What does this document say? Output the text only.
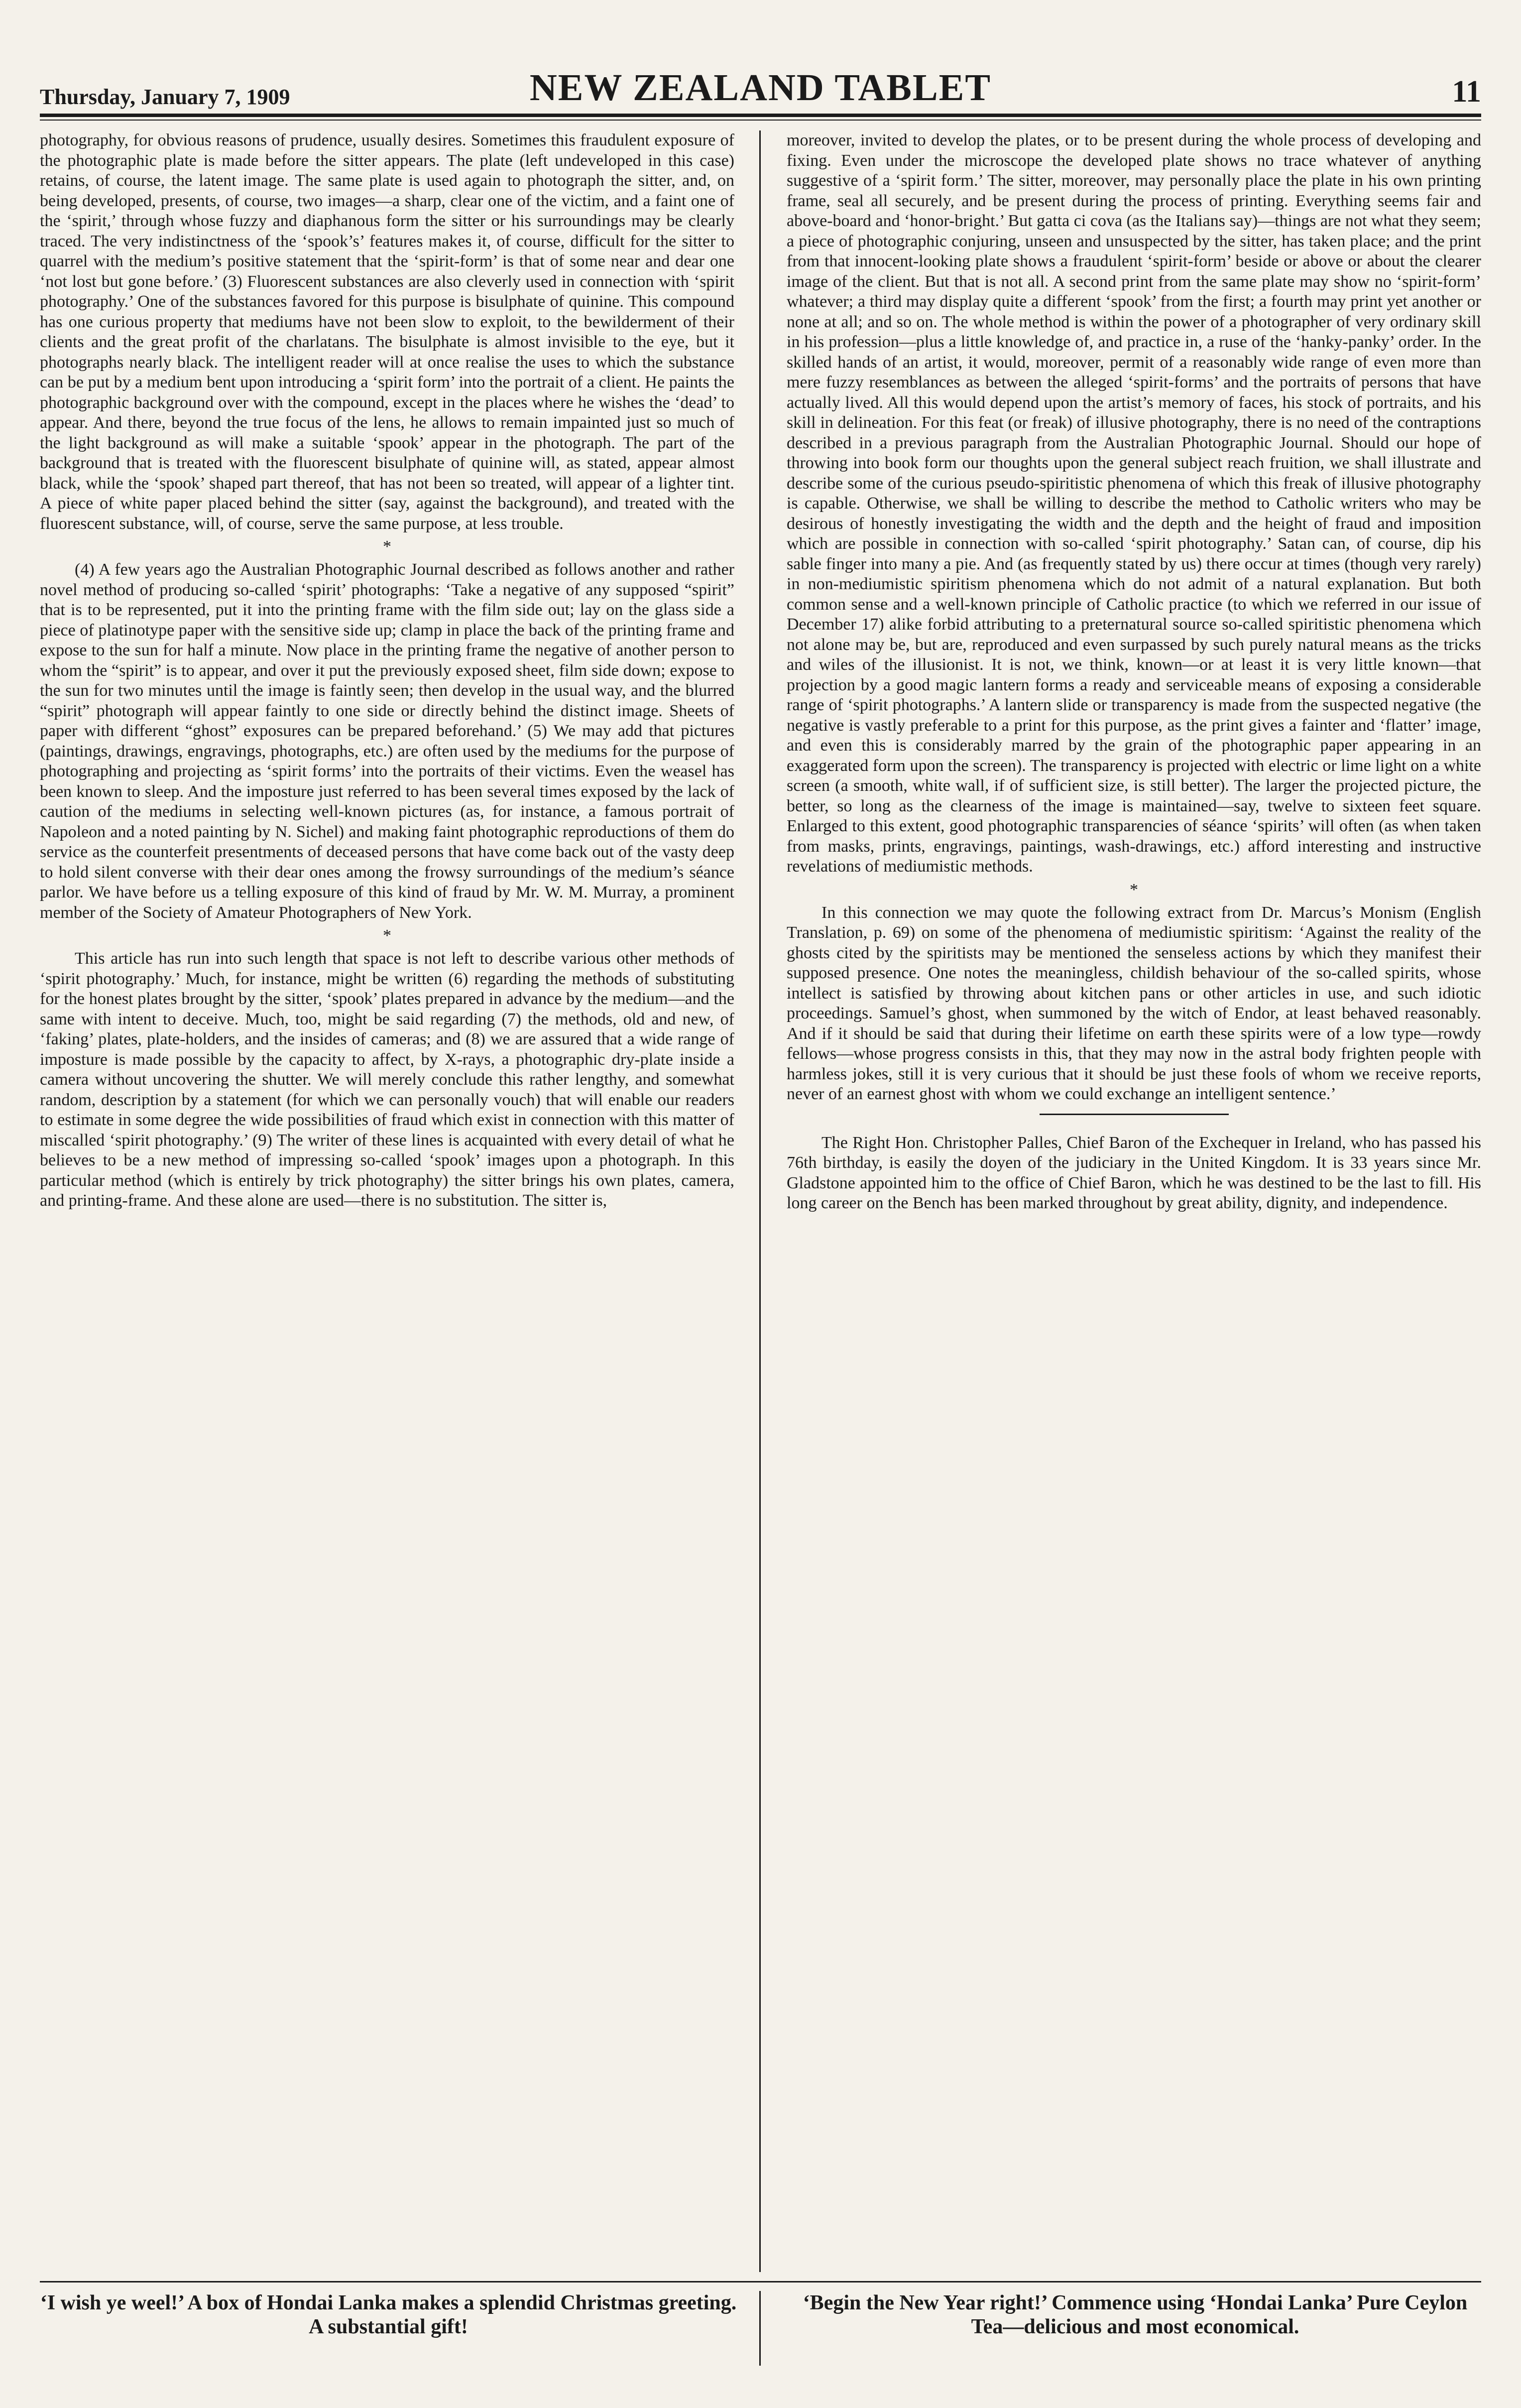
Thursday, January 7, 1909	NEW ZEALAND TABLET	11

photography, for obvious reasons of prudence, usually desires. Sometimes this fraudulent exposure of the photographic plate is made before the sitter appears. The plate (left undeveloped in this case) retains, of course, the latent image. The same plate is used again to photograph the sitter, and, on being developed, presents, of course, two images—a sharp, clear one of the victim, and a faint one of the ‘spirit,’ through whose fuzzy and diaphanous form the sitter or his surroundings may be clearly traced. The very indistinctness of the ‘spook’s’ features makes it, of course, difficult for the sitter to quarrel with the medium’s positive statement that the ‘spirit-form’ is that of some near and dear one ‘not lost but gone before.’ (3) Fluorescent substances are also cleverly used in connection with ‘spirit photography.’ One of the substances favored for this purpose is bisulphate of quinine. This compound has one curious property that mediums have not been slow to exploit, to the bewilderment of their clients and the great profit of the charlatans. The bisulphate is almost invisible to the eye, but it photographs nearly black. The intelligent reader will at once realise the uses to which the substance can be put by a medium bent upon introducing a ‘spirit form’ into the portrait of a client. He paints the photographic background over with the compound, except in the places where he wishes the ‘dead’ to appear. And there, beyond the true focus of the lens, he allows to remain impainted just so much of the light background as will make a suitable ‘spook’ appear in the photograph. The part of the background that is treated with the fluorescent bisulphate of quinine will, as stated, appear almost black, while the ‘spook’ shaped part thereof, that has not been so treated, will appear of a lighter tint. A piece of white paper placed behind the sitter (say, against the background), and treated with the fluorescent substance, will, of course, serve the same purpose, at less trouble.

*

(4) A few years ago the Australian Photographic Journal described as follows another and rather novel method of producing so-called ‘spirit’ photographs: ‘Take a negative of any supposed “spirit” that is to be represented, put it into the printing frame with the film side out; lay on the glass side a piece of platinotype paper with the sensitive side up; clamp in place the back of the printing frame and expose to the sun for half a minute. Now place in the printing frame the negative of another person to whom the “spirit” is to appear, and over it put the previously exposed sheet, film side down; expose to the sun for two minutes until the image is faintly seen; then develop in the usual way, and the blurred “spirit” photograph will appear faintly to one side or directly behind the distinct image. Sheets of paper with different “ghost” exposures can be prepared beforehand.’ (5) We may add that pictures (paintings, drawings, engravings, photographs, etc.) are often used by the mediums for the purpose of photographing and projecting as ‘spirit forms’ into the portraits of their victims. Even the weasel has been known to sleep. And the imposture just referred to has been several times exposed by the lack of caution of the mediums in selecting well-known pictures (as, for instance, a famous portrait of Napoleon and a noted painting by N. Sichel) and making faint photographic reproductions of them do service as the counterfeit presentments of deceased persons that have come back out of the vasty deep to hold silent converse with their dear ones among the frowsy surroundings of the medium’s séance parlor. We have before us a telling exposure of this kind of fraud by Mr. W. M. Murray, a prominent member of the Society of Amateur Photographers of New York.

*

This article has run into such length that space is not left to describe various other methods of ‘spirit photography.’ Much, for instance, might be written (6) regarding the methods of substituting for the honest plates brought by the sitter, ‘spook’ plates prepared in advance by the medium—and the same with intent to deceive. Much, too, might be said regarding (7) the methods, old and new, of ‘faking’ plates, plate-holders, and the insides of cameras; and (8) we are assured that a wide range of imposture is made possible by the capacity to affect, by X-rays, a photographic dry-plate inside a camera without uncovering the shutter. We will merely conclude this rather lengthy, and somewhat random, description by a statement (for which we can personally vouch) that will enable our readers to estimate in some degree the wide possibilities of fraud which exist in connection with this matter of miscalled ‘spirit photography.’ (9) The writer of these lines is acquainted with every detail of what he believes to be a new method of impressing so-called ‘spook’ images upon a photograph. In this particular method (which is entirely by trick photography) the sitter brings his own plates, camera, and printing-frame. And these alone are used—there is no substitution. The sitter is,

moreover, invited to develop the plates, or to be present during the whole process of developing and fixing. Even under the microscope the developed plate shows no trace whatever of anything suggestive of a ‘spirit form.’ The sitter, moreover, may personally place the plate in his own printing frame, seal all securely, and be present during the process of printing. Everything seems fair and above-board and ‘honor-bright.’ But gatta ci cova (as the Italians say)—things are not what they seem; a piece of photographic conjuring, unseen and unsuspected by the sitter, has taken place; and the print from that innocent-looking plate shows a fraudulent ‘spirit-form’ beside or above or about the clearer image of the client. But that is not all. A second print from the same plate may show no ‘spirit-form’ whatever; a third may display quite a different ‘spook’ from the first; a fourth may print yet another or none at all; and so on. The whole method is within the power of a photographer of very ordinary skill in his profession—plus a little knowledge of, and practice in, a ruse of the ‘hanky-panky’ order. In the skilled hands of an artist, it would, moreover, permit of a reasonably wide range of even more than mere fuzzy resemblances as between the alleged ‘spirit-forms’ and the portraits of persons that have actually lived. All this would depend upon the artist’s memory of faces, his stock of portraits, and his skill in delineation. For this feat (or freak) of illusive photography, there is no need of the contraptions described in a previous paragraph from the Australian Photographic Journal. Should our hope of throwing into book form our thoughts upon the general subject reach fruition, we shall illustrate and describe some of the curious pseudo-spiritistic phenomena of which this freak of illusive photography is capable. Otherwise, we shall be willing to describe the method to Catholic writers who may be desirous of honestly investigating the width and the depth and the height of fraud and imposition which are possible in connection with so-called ‘spirit photography.’ Satan can, of course, dip his sable finger into many a pie. And (as frequently stated by us) there occur at times (though very rarely) in non-mediumistic spiritism phenomena which do not admit of a natural explanation. But both common sense and a well-known principle of Catholic practice (to which we referred in our issue of December 17) alike forbid attributing to a preternatural source so-called spiritistic phenomena which not alone may be, but are, reproduced and even surpassed by such purely natural means as the tricks and wiles of the illusionist. It is not, we think, known—or at least it is very little known—that projection by a good magic lantern forms a ready and serviceable means of exposing a considerable range of ‘spirit photographs.’ A lantern slide or transparency is made from the suspected negative (the negative is vastly preferable to a print for this purpose, as the print gives a fainter and ‘flatter’ image, and even this is considerably marred by the grain of the photographic paper appearing in an exaggerated form upon the screen). The transparency is projected with electric or lime light on a white screen (a smooth, white wall, if of sufficient size, is still better). The larger the projected picture, the better, so long as the clearness of the image is maintained—say, twelve to sixteen feet square. Enlarged to this extent, good photographic transparencies of séance ‘spirits’ will often (as when taken from masks, prints, engravings, paintings, wash-drawings, etc.) afford interesting and instructive revelations of mediumistic methods.

*

In this connection we may quote the following extract from Dr. Marcus’s Monism (English Translation, p. 69) on some of the phenomena of mediumistic spiritism: ‘Against the reality of the ghosts cited by the spiritists may be mentioned the senseless actions by which they manifest their supposed presence. One notes the meaningless, childish behaviour of the so-called spirits, whose intellect is satisfied by throwing about kitchen pans or other articles in use, and such idiotic proceedings. Samuel’s ghost, when summoned by the witch of Endor, at least behaved reasonably. And if it should be said that during their lifetime on earth these spirits were of a low type—rowdy fellows—whose progress consists in this, that they may now in the astral body frighten people with harmless jokes, still it is very curious that it should be just these fools of whom we receive reports, never of an earnest ghost with whom we could exchange an intelligent sentence.’

The Right Hon. Christopher Palles, Chief Baron of the Exchequer in Ireland, who has passed his 76th birthday, is easily the doyen of the judiciary in the United Kingdom. It is 33 years since Mr. Gladstone appointed him to the office of Chief Baron, which he was destined to be the last to fill. His long career on the Bench has been marked throughout by great ability, dignity, and independence.

‘I wish ye weel!’ A box of Hondai Lanka makes a splendid Christmas greeting. A substantial gift!
‘Begin the New Year right!’ Commence using ‘Hondai Lanka’ Pure Ceylon Tea—delicious and most economical.
